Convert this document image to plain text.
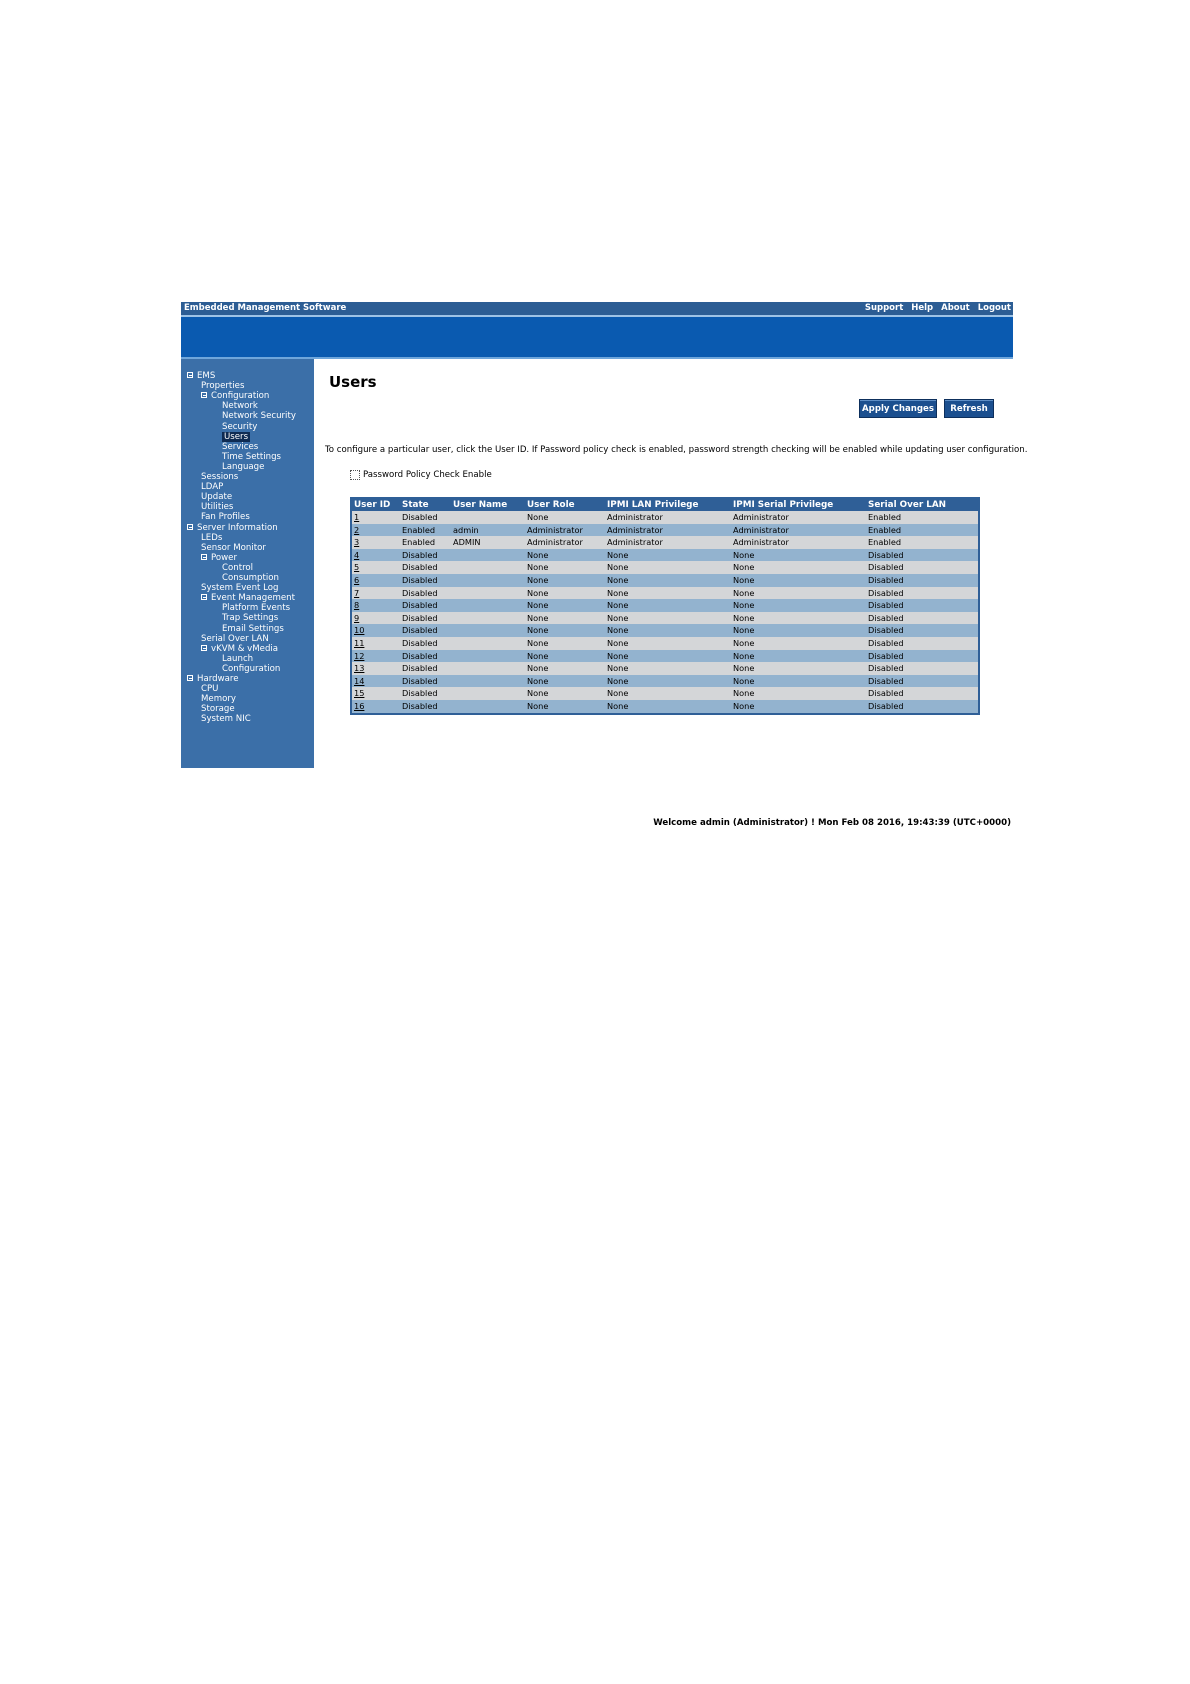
Embedded Management Software	Support Help About Logout
EMS
Properties
Configuration
Network
Network Security
Security
Users
Services
Time Settings
Language
Sessions
LDAP
Update
Utilities
Fan Profiles
Server Information
LEDs
Sensor Monitor
Power
Control
Consumption
System Event Log
Event Management
Platform Events
Trap Settings
Email Settings
Serial Over LAN
vKVM & vMedia
Launch
Configuration
Hardware
CPU
Memory
Storage
System NIC
Users
Apply Changes	Refresh
To configure a particular user, click the User ID. If Password policy check is enabled, password strength checking will be enabled while updating user configuration.
Password Policy Check Enable
User ID	State	User Name	User Role	IPMI LAN Privilege	IPMI Serial Privilege	Serial Over LAN
1	Disabled		None	Administrator	Administrator	Enabled
2	Enabled	admin	Administrator	Administrator	Administrator	Enabled
3	Enabled	ADMIN	Administrator	Administrator	Administrator	Enabled
4	Disabled		None	None	None	Disabled
5	Disabled		None	None	None	Disabled
6	Disabled		None	None	None	Disabled
7	Disabled		None	None	None	Disabled
8	Disabled		None	None	None	Disabled
9	Disabled		None	None	None	Disabled
10	Disabled		None	None	None	Disabled
11	Disabled		None	None	None	Disabled
12	Disabled		None	None	None	Disabled
13	Disabled		None	None	None	Disabled
14	Disabled		None	None	None	Disabled
15	Disabled		None	None	None	Disabled
16	Disabled		None	None	None	Disabled
Welcome admin (Administrator) ! Mon Feb 08 2016, 19:43:39 (UTC+0000)
